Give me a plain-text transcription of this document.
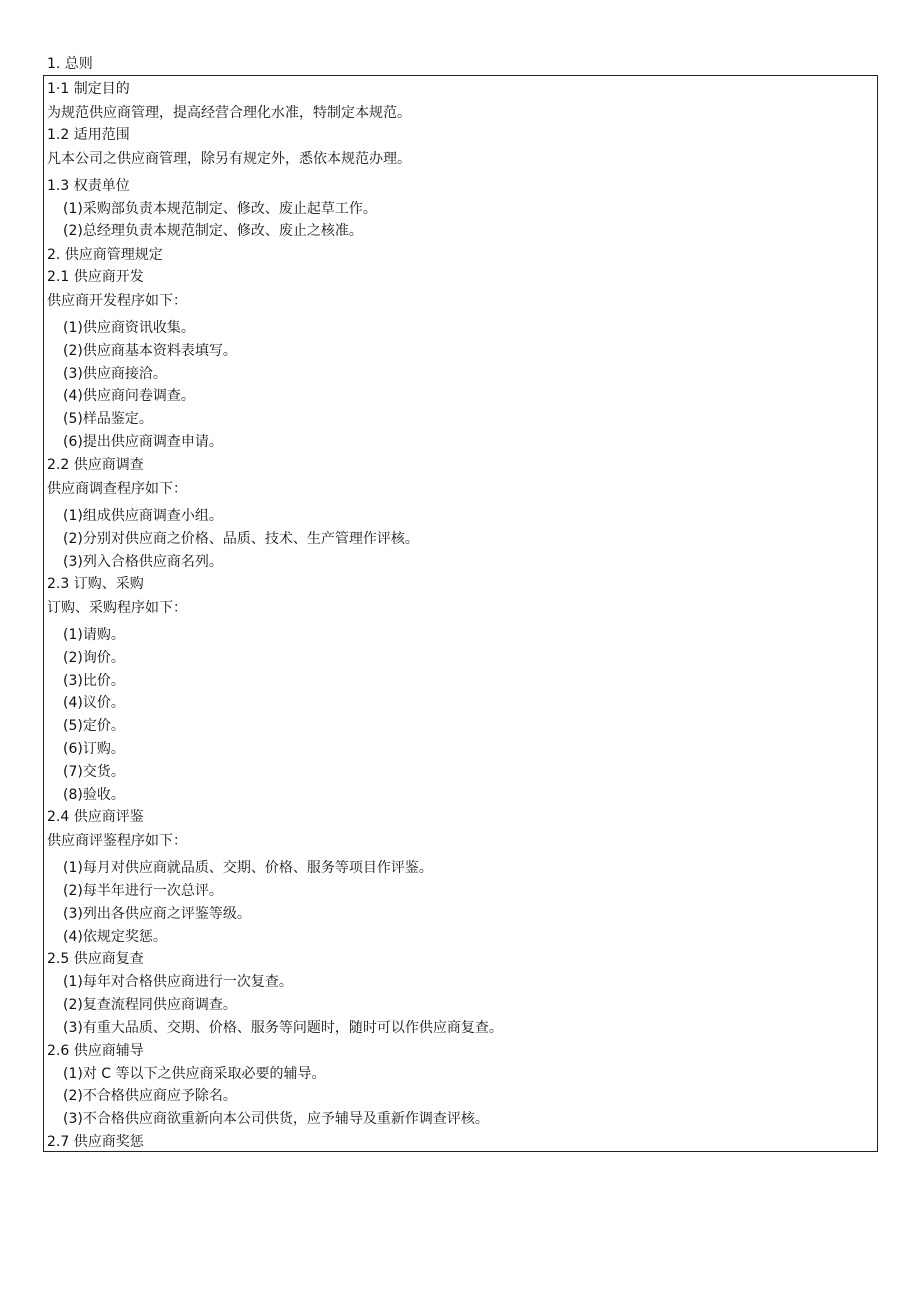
1. 总则
1·1 制定目的
为规范供应商管理，提高经营合理化水准，特制定本规范。
1.2 适用范围
凡本公司之供应商管理，除另有规定外，悉依本规范办理。
1.3 权责单位
(1)采购部负责本规范制定、修改、废止起草工作。
(2)总经理负责本规范制定、修改、废止之核准。
2. 供应商管理规定
2.1 供应商开发
供应商开发程序如下：
(1)供应商资讯收集。
(2)供应商基本资料表填写。
(3)供应商接洽。
(4)供应商问卷调查。
(5)样品鉴定。
(6)提出供应商调查申请。
2.2 供应商调查
供应商调查程序如下：
(1)组成供应商调查小组。
(2)分别对供应商之价格、品质、技术、生产管理作评核。
(3)列入合格供应商名列。
2.3 订购、采购
订购、采购程序如下：
(1)请购。
(2)询价。
(3)比价。
(4)议价。
(5)定价。
(6)订购。
(7)交货。
(8)验收。
2.4 供应商评鉴
供应商评鉴程序如下：
(1)每月对供应商就品质、交期、价格、服务等项目作评鉴。
(2)每半年进行一次总评。
(3)列出各供应商之评鉴等级。
(4)依规定奖惩。
2.5 供应商复查
(1)每年对合格供应商进行一次复查。
(2)复查流程同供应商调查。
(3)有重大品质、交期、价格、服务等问题时，随时可以作供应商复查。
2.6 供应商辅导
(1)对 C 等以下之供应商采取必要的辅导。
(2)不合格供应商应予除名。
(3)不合格供应商欲重新向本公司供货，应予辅导及重新作调查评核。
2.7 供应商奖惩
